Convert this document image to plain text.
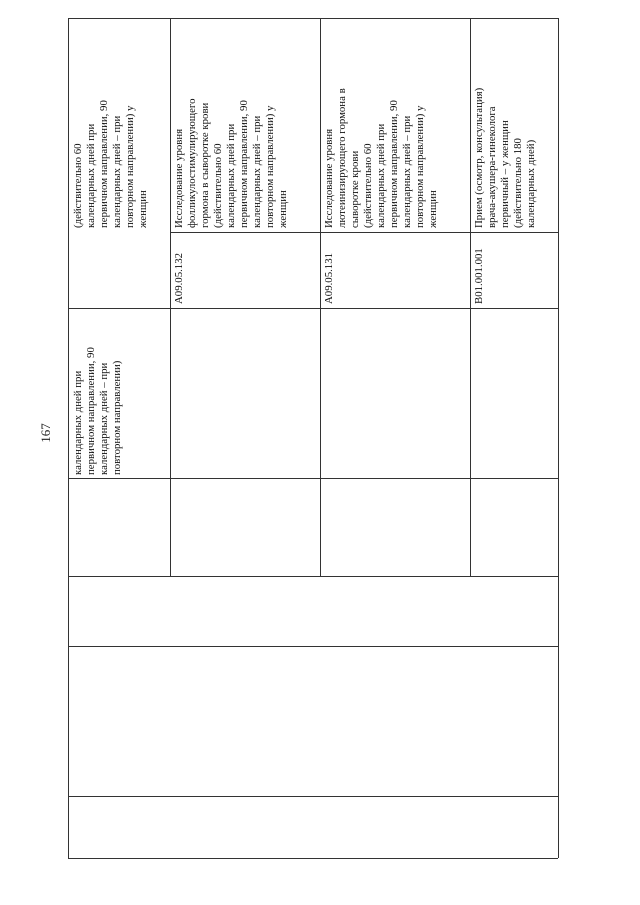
167 календарных дней при
первичном направлении, 90
календарных дней – при
повторном направлении)
(действительно 60
календарных дней при
первичном направлении, 90
календарных дней – при
повторном направлении) у
женщин
A09.05.132
Исследование уровня
фолликулостимулирующего
гормона в сыворотке крови
(действительно 60
календарных дней при
первичном направлении, 90
календарных дней – при
повторном направлении) у
женщин
A09.05.131
Исследование уровня
лютеинизирующего гормона в
сыворотке крови
(действительно 60
календарных дней при
первичном направлении, 90
календарных дней – при
повторном направлении) у
женщин
B01.001.001
Прием (осмотр, консультация)
врача-акушера-гинеколога
первичный – у женщин
(действительно 180
календарных дней)
